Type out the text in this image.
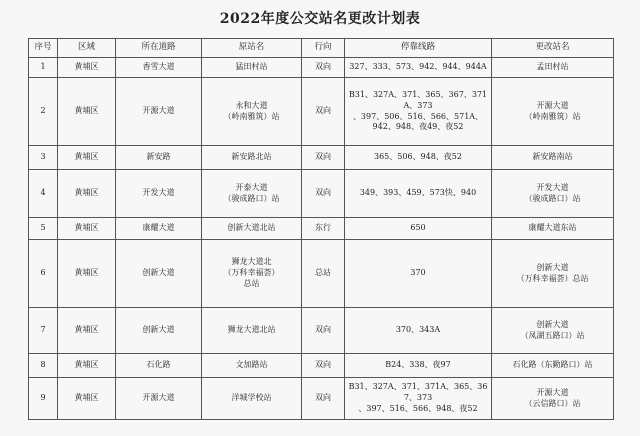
2022年度公交站名更改计划表
序号	区域	所在道路	原站名	行向	停靠线路	更改站名
1	黄埔区	香雪大道	猛田村站	双向	327、333、573、942、944、944A	孟田村站

2	黄埔区	开源大道	永和大道
（岭南雅筑）站	双向	B31、327A、371、365、367、371A、373
、397、506、516、566、571A、
942、948、夜49、夜52	开源大道
（岭南雅筑）站

3	黄埔区	新安路	新安路北站	双向	365、506、948、夜52	新安路南站

4	黄埔区	开发大道	开泰大道
（骏成路口）站	双向	349、393、459、573快、940	开发大道
（骏成路口）站

5	黄埔区	康耀大道	创新大道北站	东行	650	康耀大道东站

6	黄埔区	创新大道	狮龙大道北
（万科幸福荟）
总站	总站	370	创新大道
（万科幸福荟）总站

7	黄埔区	创新大道	狮龙大道北站	双向	370、343A	创新大道
（凤湖五路口）站

8	黄埔区	石化路	文加路站	双向	B24、338、夜97	石化路（东勤路口）站

9	黄埔区	开源大道	洋城学校站	双向	B31、327A、371、371A、365、367、373
、397、516、566、948、夜52	开源大道
（云信路口）站
